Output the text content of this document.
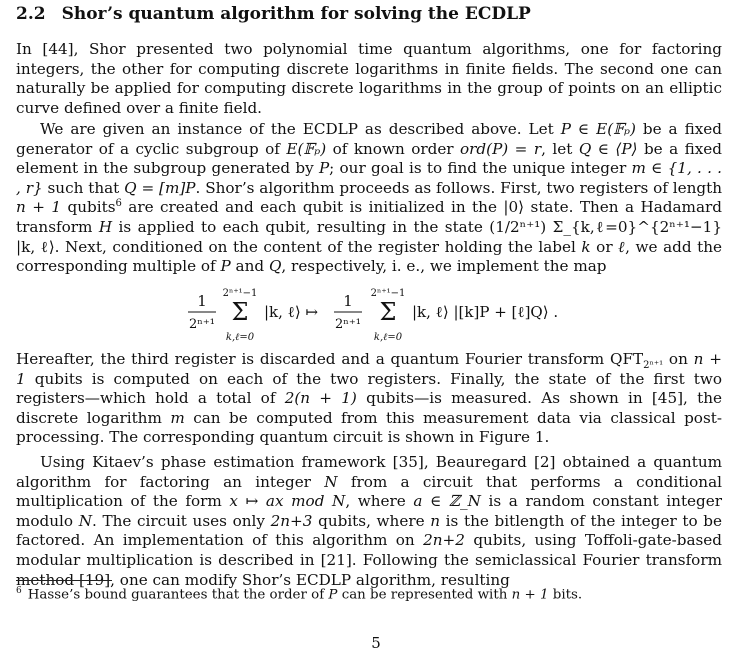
2.2 Shor’s quantum algorithm for solving the ECDLP

In [44], Shor presented two polynomial time quantum algorithms, one for factoring integers, the other for computing discrete logarithms in finite fields. The second one can naturally be applied for computing discrete logarithms in the group of points on an elliptic curve defined over a finite field.

We are given an instance of the ECDLP as described above. Let P ∈ E(𝔽ₚ) be a fixed generator of a cyclic subgroup of E(𝔽ₚ) of known order ord(P) = r, let Q ∈ ⟨P⟩ be a fixed element in the subgroup generated by P; our goal is to find the unique integer m ∈ {1, . . . , r} such that Q = [m]P. Shor’s algorithm proceeds as follows. First, two registers of length n + 1 qubits$^6$ are created and each qubit is initialized in the |0⟩ state. Then a Hadamard transform H is applied to each qubit, resulting in the state (1/2ⁿ⁺¹) Σ_{k,ℓ=0}^{2ⁿ⁺¹−1} |k, ℓ⟩. Next, conditioned on the content of the register holding the label k or ℓ, we add the corresponding multiple of P and Q, respectively, i. e., we implement the map

1
2ⁿ⁺¹
2ⁿ⁺¹−1
Σ
k,ℓ=0
|k, ℓ⟩ ↦
1
2ⁿ⁺¹
2ⁿ⁺¹−1
Σ
k,ℓ=0
|k, ℓ⟩ |[k]P + [ℓ]Q⟩ .

Hereafter, the third register is discarded and a quantum Fourier transform $QFT_{2^{n+1}}$ on n + 1 qubits is computed on each of the two registers. Finally, the state of the first two registers—which hold a total of 2(n + 1) qubits—is measured. As shown in [45], the discrete logarithm m can be computed from this measurement data via classical post-processing. The corresponding quantum circuit is shown in Figure 1.

Using Kitaev’s phase estimation framework [35], Beauregard [2] obtained a quantum algorithm for factoring an integer N from a circuit that performs a conditional multiplication of the form x ↦ ax mod N, where a ∈ ℤ_N is a random constant integer modulo N. The circuit uses only 2n+3 qubits, where n is the bitlength of the integer to be factored. An implementation of this algorithm on 2n+2 qubits, using Toffoli-gate-based modular multiplication is described in [21]. Following the semiclassical Fourier transform method [19], one can modify Shor’s ECDLP algorithm, resulting

$^6$ Hasse’s bound guarantees that the order of P can be represented with n + 1 bits.
5
